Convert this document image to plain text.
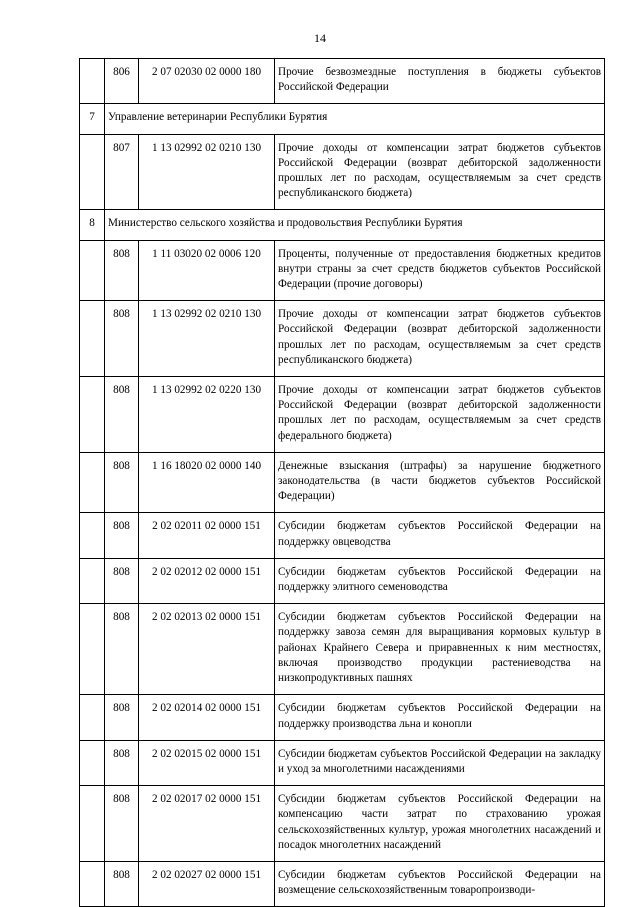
14
	806	2 07 02030 02 0000 180	Прочие безвозмездные поступления в бюджеты субъектов Российской Федерации
7	Управление ветеринарии Республики Бурятия		
	807	1 13 02992 02 0210 130	Прочие доходы от компенсации затрат бюджетов субъектов Российской Федерации (возврат дебиторской задолженности прошлых лет по расходам, осуществляемым за счет средств республиканского бюджета)
8	Министерство сельского хозяйства и продовольствия Республики Бурятия		
	808	1 11 03020 02 0006 120	Проценты, полученные от предоставления бюджетных кредитов внутри страны за счет средств бюджетов субъектов Российской Федерации (прочие договоры)
	808	1 13 02992 02 0210 130	Прочие доходы от компенсации затрат бюджетов субъектов Российской Федерации (возврат дебиторской задолженности прошлых лет по расходам, осуществляемым за счет средств республиканского бюджета)
	808	1 13 02992 02 0220 130	Прочие доходы от компенсации затрат бюджетов субъектов Российской Федерации (возврат дебиторской задолженности прошлых лет по расходам, осуществляемым за счет средств федерального бюджета)
	808	1 16 18020 02 0000 140	Денежные взыскания (штрафы) за нарушение бюджетного законодательства (в части бюджетов субъектов Российской Федерации)
	808	2 02 02011 02 0000 151	Субсидии бюджетам субъектов Российской Федерации на поддержку овцеводства
	808	2 02 02012 02 0000 151	Субсидии бюджетам субъектов Российской Федерации на поддержку элитного семеноводства
	808	2 02 02013 02 0000 151	Субсидии бюджетам субъектов Российской Федерации на поддержку завоза семян для выращивания кормовых культур в районах Крайнего Севера и приравненных к ним местностях, включая производство продукции растениеводства на низкопродуктивных пашнях
	808	2 02 02014 02 0000 151	Субсидии бюджетам субъектов Российской Федерации на поддержку производства льна и конопли
	808	2 02 02015 02 0000 151	Субсидии бюджетам субъектов Российской Федерации на закладку и уход за многолетними насаждениями
	808	2 02 02017 02 0000 151	Субсидии бюджетам субъектов Российской Федерации на компенсацию части затрат по страхованию урожая сельскохозяйственных культур, урожая многолетних насаждений и посадок многолетних насаждений
	808	2 02 02027 02 0000 151	Субсидии бюджетам субъектов Российской Федерации на возмещение сельскохозяйственным товаропроизводи-
